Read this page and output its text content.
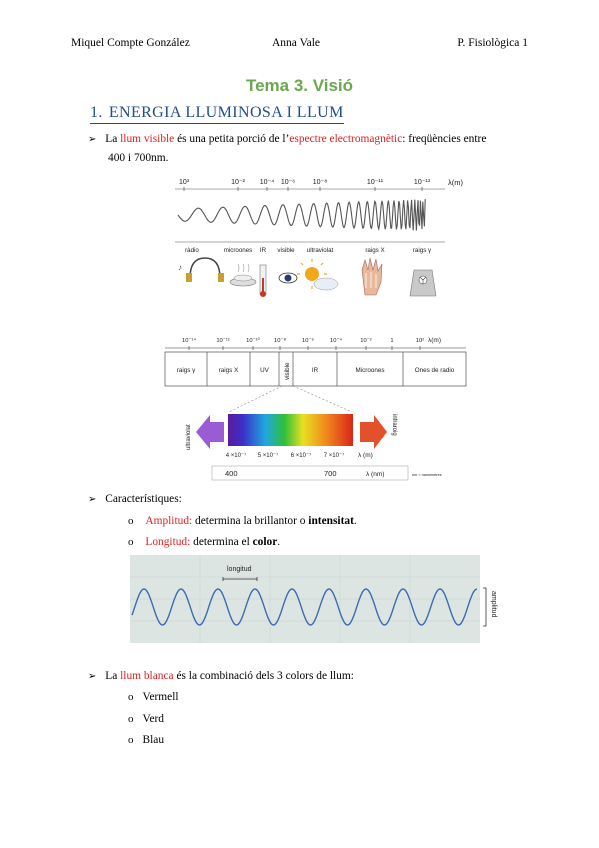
Miquel Compte González	Anna Vale	P. Fisiològica 1
Tema 3. Visió
1. ENERGIA LLUMINOSA I LLUM
➢ La llum visible és una petita porció de l’espectre electromagnètic: freqüències entre
400 i 700nm.
10³	10⁻² 10⁻⁴ 10⁻⁶	10⁻⁸	10⁻¹¹	10⁻¹³ λ(m)
ràdio	microones IR visible ultraviolat	raigs X	raigs γ
♪
10⁻¹⁴	10⁻¹²	10⁻¹⁰ 10⁻⁸	10⁻⁶	10⁻⁴	10⁻²	1	10² λ(m)
raigs γ	raigs X	UV visible	IR	Microones	Ones de radio
ultraviolat	infraroig
4 ×10⁻⁷ 5 ×10⁻⁷ 6 ×10⁻⁷ 7 ×10⁻⁷ λ (m)
400	700	λ (nm)	nm = nanòmetres
➢ Característiques:
o Amplitud: determina la brillantor o intensitat.
o Longitud: determina el color.
longitud
amplitud
➢ La llum blanca és la combinació dels 3 colors de llum:
o Vermell
o Verd
o Blau
